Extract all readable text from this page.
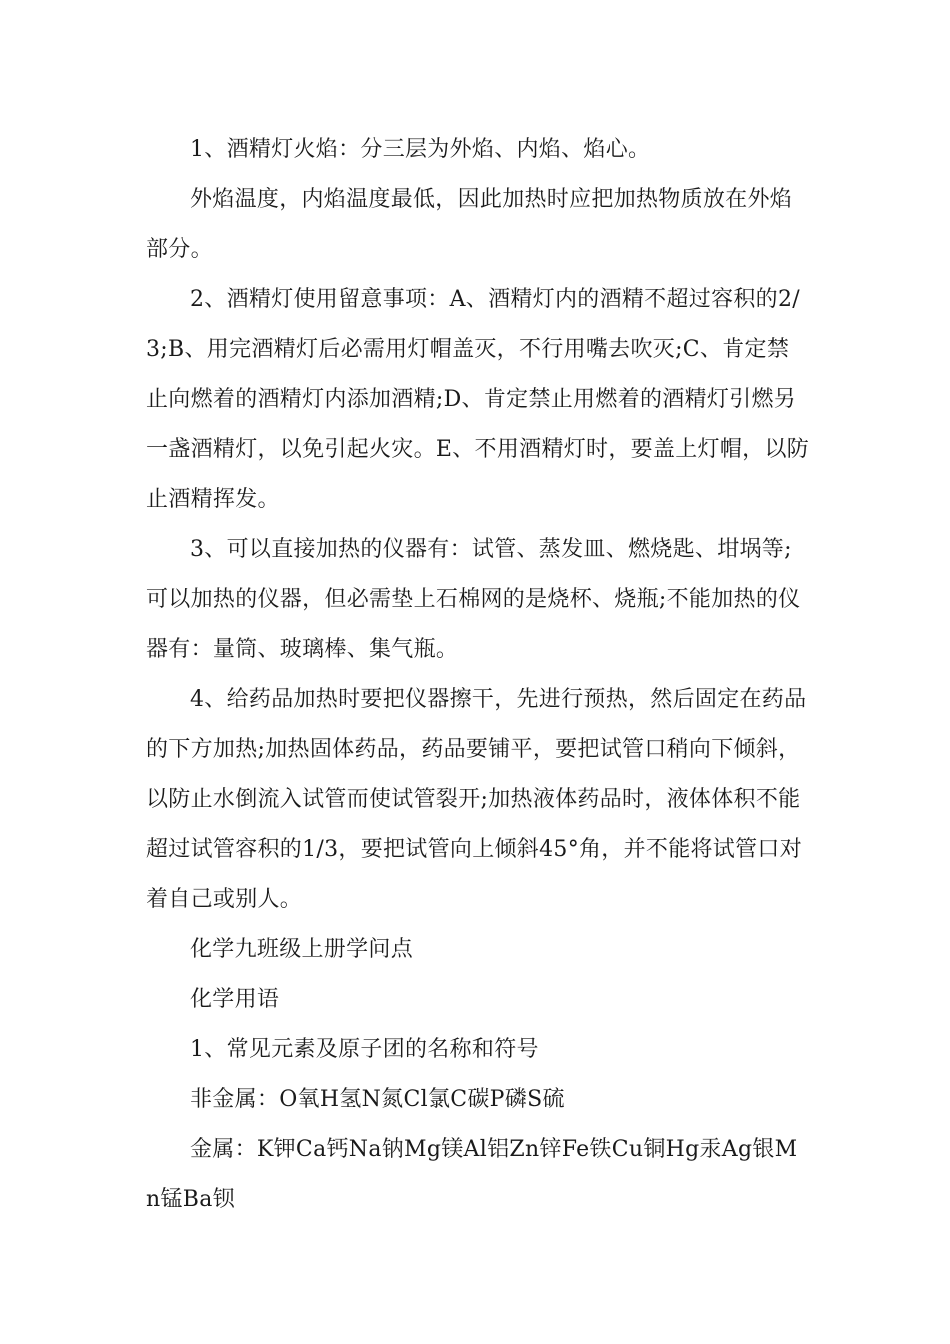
1、酒精灯火焰：分三层为外焰、内焰、焰心。

外焰温度，内焰温度最低，因此加热时应把加热物质放在外焰部分。

2、酒精灯使用留意事项：A、酒精灯内的酒精不超过容积的2/3;B、用完酒精灯后必需用灯帽盖灭，不行用嘴去吹灭;C、肯定禁止向燃着的酒精灯内添加酒精;D、肯定禁止用燃着的酒精灯引燃另一盏酒精灯，以免引起火灾。E、不用酒精灯时，要盖上灯帽，以防止酒精挥发。

3、可以直接加热的仪器有：试管、蒸发皿、燃烧匙、坩埚等;可以加热的仪器，但必需垫上石棉网的是烧杯、烧瓶;不能加热的仪器有：量筒、玻璃棒、集气瓶。

4、给药品加热时要把仪器擦干，先进行预热，然后固定在药品的下方加热;加热固体药品，药品要铺平，要把试管口稍向下倾斜，以防止水倒流入试管而使试管裂开;加热液体药品时，液体体积不能超过试管容积的1/3，要把试管向上倾斜45°角，并不能将试管口对着自己或别人。

化学九班级上册学问点

化学用语

1、常见元素及原子团的名称和符号

非金属：O氧H氢N氮Cl氯C碳P磷S硫

金属：K钾Ca钙Na钠Mg镁Al铝Zn锌Fe铁Cu铜Hg汞Ag银Mn锰Ba钡
